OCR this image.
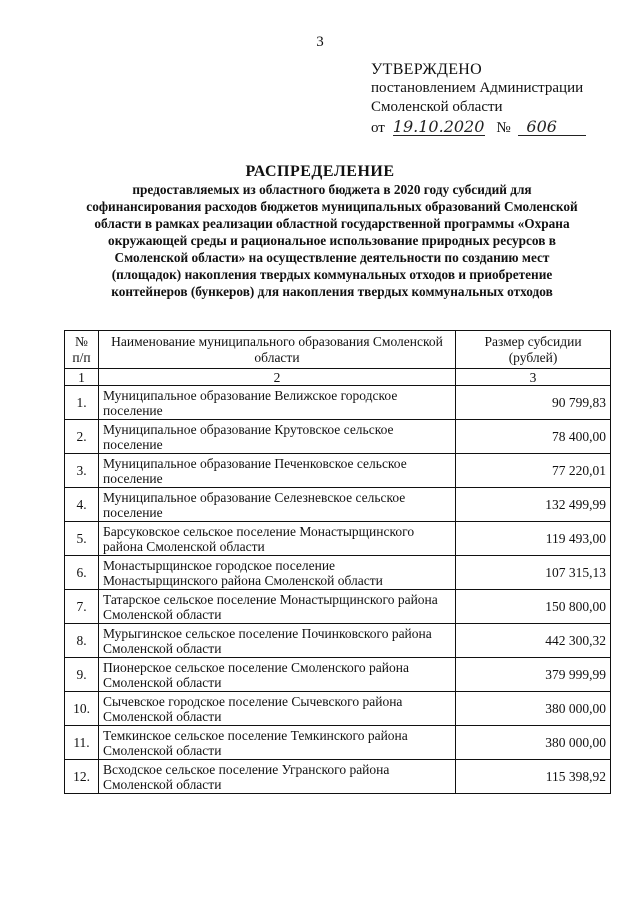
3
УТВЕРЖДЕНО
постановлением Администрации
Смоленской области
от 19.10.2020 № 606
РАСПРЕДЕЛЕНИЕ
предоставляемых из областного бюджета в 2020 году субсидий для софинансирования расходов бюджетов муниципальных образований Смоленской области в рамках реализации областной государственной программы «Охрана окружающей среды и рациональное использование природных ресурсов в Смоленской области» на осуществление деятельности по созданию мест (площадок) накопления твердых коммунальных отходов и приобретение контейнеров (бункеров) для накопления твердых коммунальных отходов
№ п/п	Наименование муниципального образования Смоленской области	Размер субсидии (рублей)
1	2	3
1.	Муниципальное образование Велижское городское поселение	90 799,83
2.	Муниципальное образование Крутовское сельское поселение	78 400,00
3.	Муниципальное образование Печенковское сельское поселение	77 220,01
4.	Муниципальное образование Селезневское сельское поселение	132 499,99
5.	Барсуковское сельское поселение Монастырщинского района Смоленской области	119 493,00
6.	Монастырщинское городское поселение Монастырщинского района Смоленской области	107 315,13
7.	Татарское сельское поселение Монастырщинского района Смоленской области	150 800,00
8.	Мурыгинское сельское поселение Починковского района Смоленской области	442 300,32
9.	Пионерское сельское поселение Смоленского района Смоленской области	379 999,99
10.	Сычевское городское поселение Сычевского района Смоленской области	380 000,00
11.	Темкинское сельское поселение Темкинского района Смоленской области	380 000,00
12.	Всходское сельское поселение Угранского района Смоленской области	115 398,92
